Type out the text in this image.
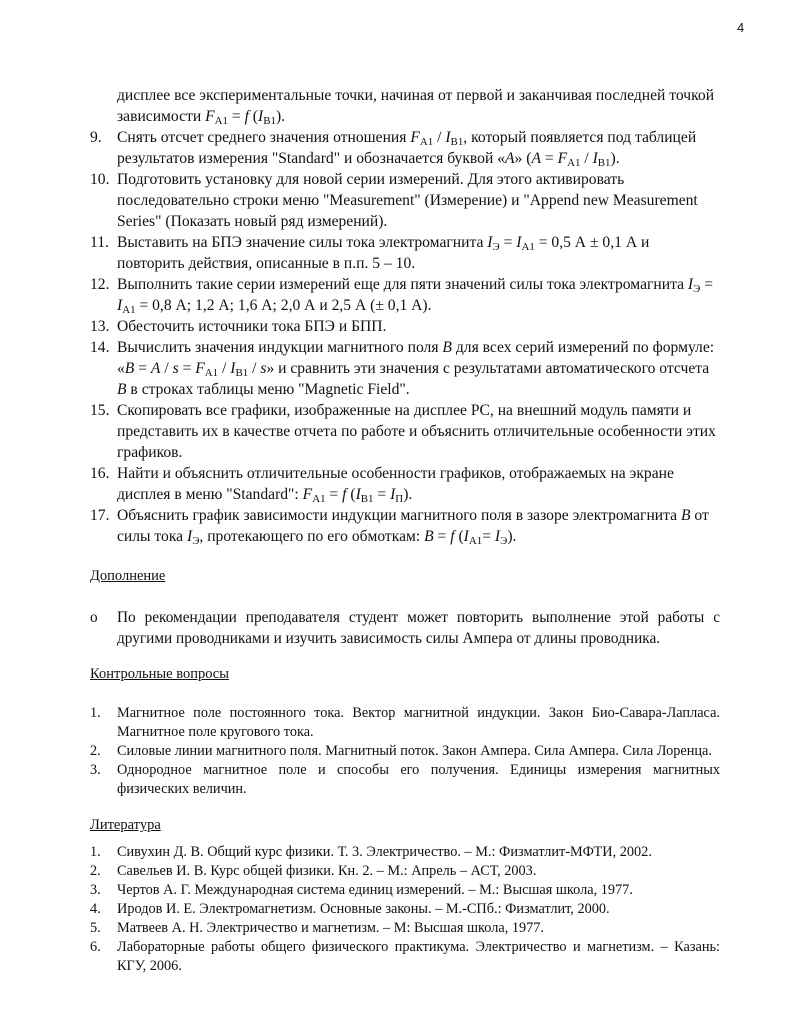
4
дисплее все экспериментальные точки, начиная от первой и заканчивая последней точкой зависимости $F_{A1} = f$ $(I_{B1})$.
9. Снять отсчет среднего значения отношения $F_{A1} / I_{B1}$, который появляется под таблицей результатов измерения "Standard" и обозначается буквой «A» $(A = F_{A1} / I_{B1})$.
10. Подготовить установку для новой серии измерений. Для этого активировать последовательно строки меню "Measurement" (Измерение) и "Append new Measurement Series" (Показать новый ряд измерений).
11. Выставить на БПЭ значение силы тока электромагнита $I_Э = I_{A1} = 0,5$ А ± 0,1 А и повторить действия, описанные в п.п. 5 – 10.
12. Выполнить такие серии измерений еще для пяти значений силы тока электромагнита $I_Э = I_{A1} = 0,8$ А; 1,2 А; 1,6 А; 2,0 А и 2,5 А (± 0,1 А).
13. Обесточить источники тока БПЭ и БПП.
14. Вычислить значения индукции магнитного поля B для всех серий измерений по формуле: «$B = A / s = F_{A1} / I_{B1} / s$» и сравнить эти значения с результатами автоматического отсчета B в строках таблицы меню "Magnetic Field".
15. Скопировать все графики, изображенные на дисплее PC, на внешний модуль памяти и представить их в качестве отчета по работе и объяснить отличительные особенности этих графиков.
16. Найти и объяснить отличительные особенности графиков, отображаемых на экране дисплея в меню "Standard": $F_{A1} = f$ $(I_{B1} = I_П)$.
17. Объяснить график зависимости индукции магнитного поля в зазоре электромагнита B от силы тока $I_Э$, протекающего по его обмоткам: B = f $(I_{A1}= I_Э)$.
Дополнение
o По рекомендации преподавателя студент может повторить выполнение этой работы с другими проводниками и изучить зависимость силы Ампера от длины проводника.
Контрольные вопросы
1. Магнитное поле постоянного тока. Вектор магнитной индукции. Закон Био-Савара-Лапласа. Магнитное поле кругового тока.
2. Силовые линии магнитного поля. Магнитный поток. Закон Ампера. Сила Ампера. Сила Лоренца.
3. Однородное магнитное поле и способы его получения. Единицы измерения магнитных физических величин.
Литература
1. Сивухин Д. В. Общий курс физики. Т. 3. Электричество. – М.: Физматлит-МФТИ, 2002.
2. Савельев И. В. Курс общей физики. Кн. 2. – М.: Апрель – АСТ, 2003.
3. Чертов А. Г. Международная система единиц измерений. – М.: Высшая школа, 1977.
4. Иродов И. Е. Электромагнетизм. Основные законы. – М.-СПб.: Физматлит, 2000.
5. Матвеев А. Н. Электричество и магнетизм. – М: Высшая школа, 1977.
6. Лабораторные работы общего физического практикума. Электричество и магнетизм. – Казань: КГУ, 2006.
